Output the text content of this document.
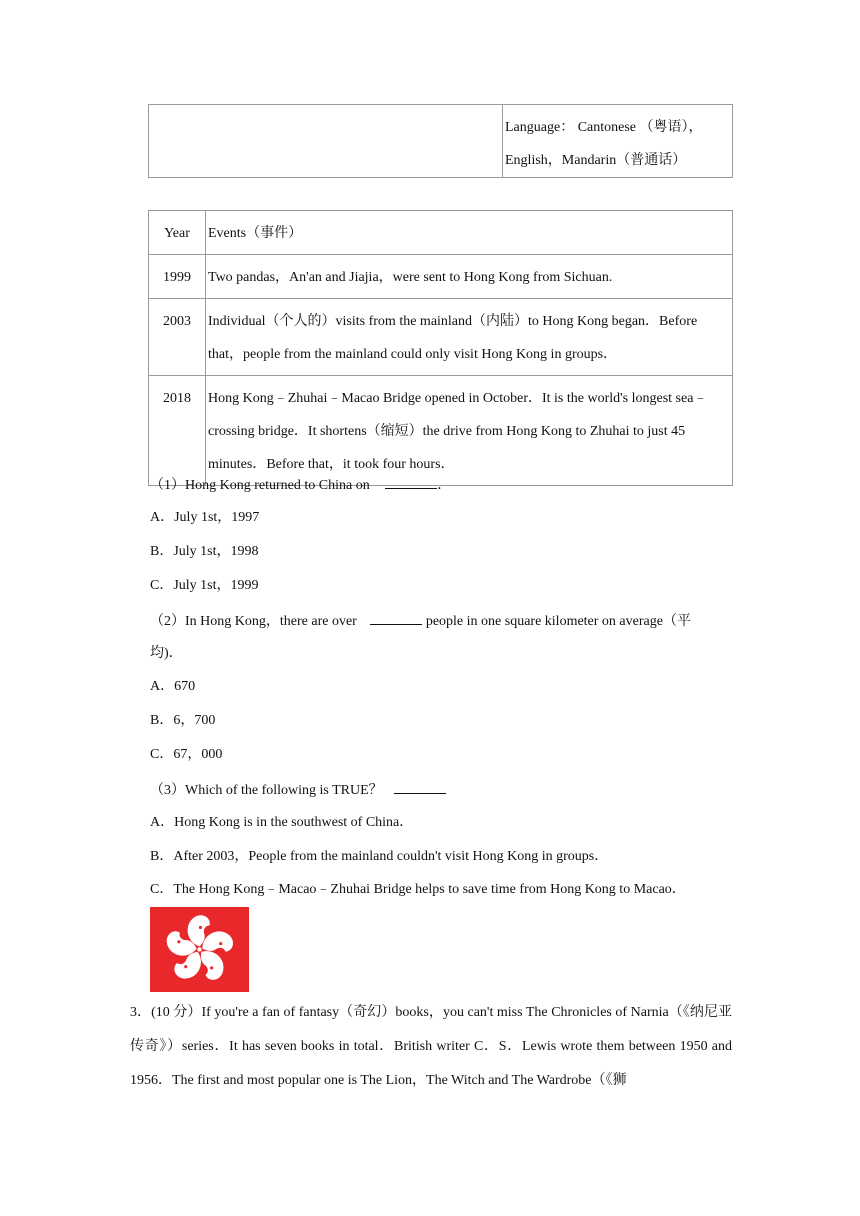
Language： Cantonese （粤语），
English，Mandarin（普通话）
Year	Events（事件）

1999	Two pandas，An'an and Jiajia，were sent to Hong Kong from Sichuan.

2003	Individual（个人的）visits from the mainland（内陆）to Hong Kong began．Before that，people from the mainland could only visit Hong Kong in groups．

2018	Hong Kong﹣Zhuhai﹣Macao Bridge opened in October．It is the world's longest sea﹣crossing bridge．It shortens（缩短）the drive from Hong Kong to Zhuhai to just 45 minutes．Before that，it took four hours．
（1）Hong Kong returned to China on	．
A．July 1st，1997
B．July 1st，1998
C．July 1st，1999
（2）In Hong Kong，there are over	people in one square kilometer on average（平
均)．
A．670
B．6，700
C．67，000
（3）Which of the following is TRUE？
A．Hong Kong is in the southwest of China．
B．After 2003，People from the mainland couldn't visit Hong Kong in groups．
C．The Hong Kong﹣Macao﹣Zhuhai Bridge helps to save time from Hong Kong to Macao．
3．(10 分）If you're a fan of fantasy（奇幻）books，you can't miss The Chronicles of Narnia（《纳尼亚传奇》）series．It has seven books in total．British writer C．S．Lewis wrote them between 1950 and 1956．The first and most popular one is The Lion，The Witch and The Wardrobe（《狮
